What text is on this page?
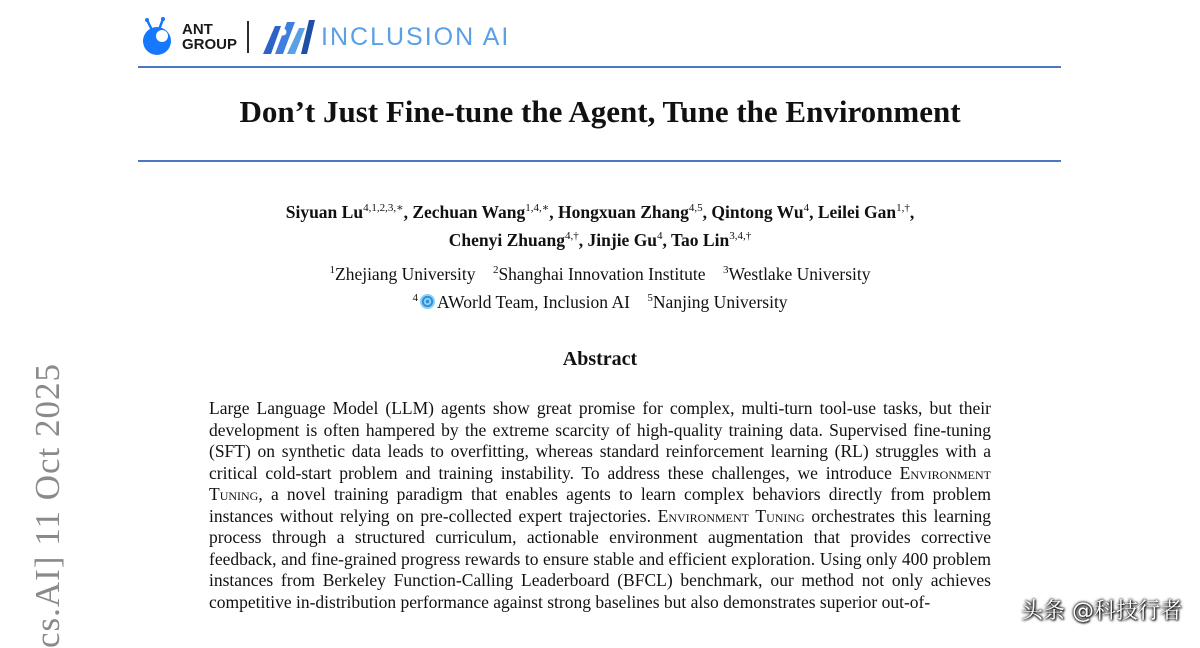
ANT
GROUP	INCLUSION AI
Don’t Just Fine-tune the Agent, Tune the Environment
Siyuan $Lu^{4,1,2,3,∗}$, Zechuan Wang$^{1,4,∗}$, Hongxuan Zhang$^{4,5}$, Qintong Wu$^4$, Leilei Gan$^{1,\dagger}$,
Chenyi Zhuang$^{4,\dagger}$, Jinjie Gu$^4$, Tao Lin$^{3,4,\dagger}$
$^1$Zhejiang University $^2$Shanghai Innovation Institute $^3$Westlake University
$^4$ AWorld Team, Inclusion AI $^5$Nanjing University
Abstract

Large Language Model (LLM) agents show great promise for complex, multi-turn tool-use tasks, but their development is often hampered by the extreme scarcity of high-quality training data. Supervised fine-tuning (SFT) on synthetic data leads to overfitting, whereas standard reinforcement learning (RL) struggles with a critical cold-start problem and training instability. To address these challenges, we introduce Environment Tuning, a novel training paradigm that enables agents to learn complex behaviors directly from problem instances without relying on pre-collected expert trajectories. Environment Tuning orchestrates this learning process through a structured curriculum, actionable environment augmentation that provides corrective feedback, and fine-grained progress rewards to ensure stable and efficient exploration. Using only 400 problem instances from Berkeley Function-Calling Leaderboard (BFCL) benchmark, our method not only achieves competitive in-distribution performance against strong baselines but also demonstrates superior out-of-

cs.AI] 11 Oct 2025	头条 @科技行者
